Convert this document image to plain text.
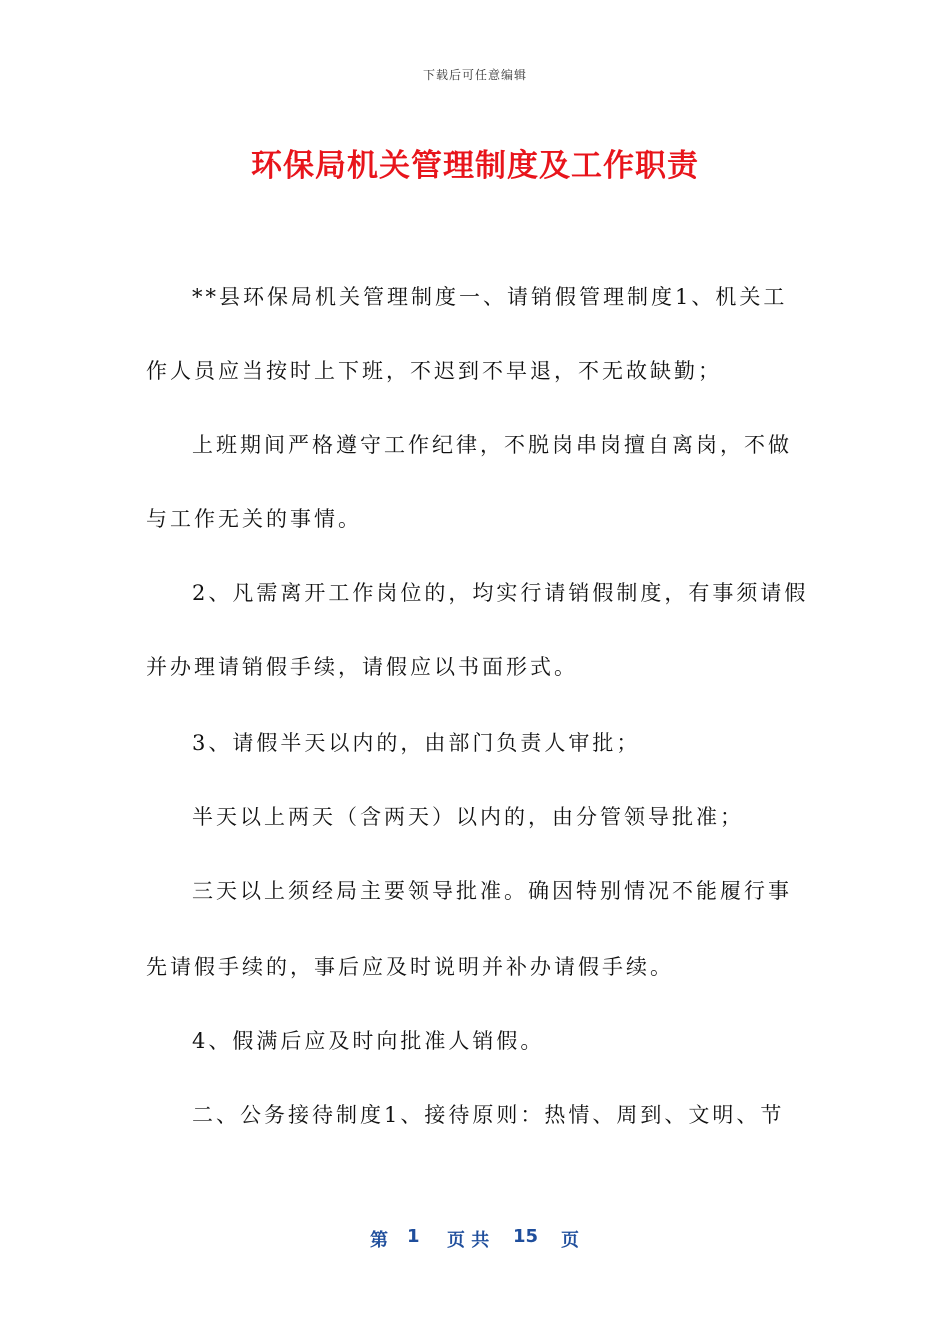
下载后可任意编辑
环保局机关管理制度及工作职责
**县环保局机关管理制度一、请销假管理制度1、机关工
作人员应当按时上下班，不迟到不早退，不无故缺勤；
上班期间严格遵守工作纪律，不脱岗串岗擅自离岗，不做
与工作无关的事情。
2、凡需离开工作岗位的，均实行请销假制度，有事须请假
并办理请销假手续，请假应以书面形式。
3、请假半天以内的，由部门负责人审批；
半天以上两天（含两天）以内的，由分管领导批准；
三天以上须经局主要领导批准。确因特别情况不能履行事
先请假手续的，事后应及时说明并补办请假手续。
4、假满后应及时向批准人销假。
二、公务接待制度1、接待原则：热情、周到、文明、节
第 1 页 共 15 页
